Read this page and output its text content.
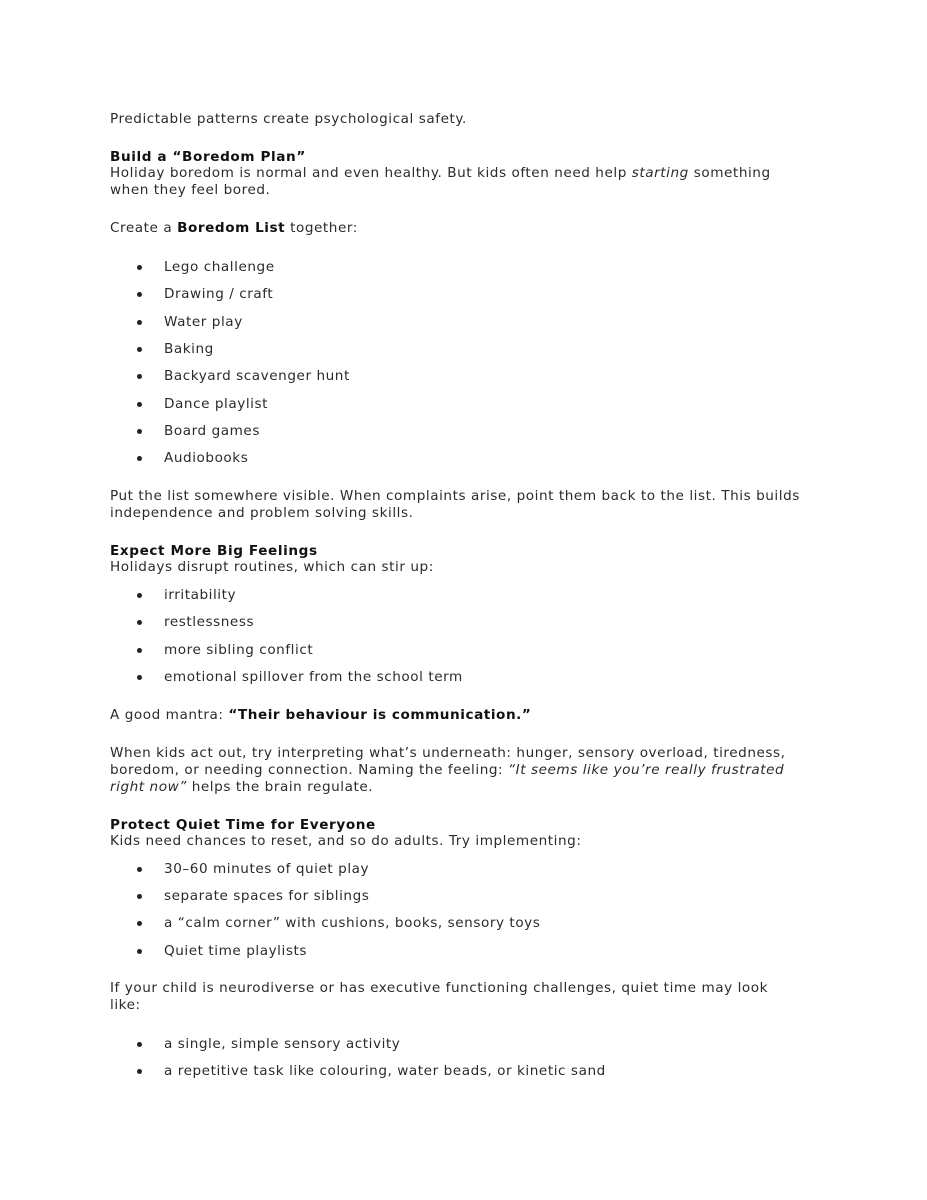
Predictable patterns create psychological safety.
Build a “Boredom Plan”
Holiday boredom is normal and even healthy. But kids often need help starting something
when they feel bored.
Create a Boredom List together:
Lego challenge
Drawing / craft
Water play
Baking
Backyard scavenger hunt
Dance playlist
Board games
Audiobooks
Put the list somewhere visible. When complaints arise, point them back to the list. This builds
independence and problem solving skills.
Expect More Big Feelings
Holidays disrupt routines, which can stir up:
irritability
restlessness
more sibling conflict
emotional spillover from the school term
A good mantra: “Their behaviour is communication.”
When kids act out, try interpreting what’s underneath: hunger, sensory overload, tiredness,
boredom, or needing connection. Naming the feeling: “It seems like you’re really frustrated
right now” helps the brain regulate.
Protect Quiet Time for Everyone
Kids need chances to reset, and so do adults. Try implementing:
30–60 minutes of quiet play
separate spaces for siblings
a “calm corner” with cushions, books, sensory toys
Quiet time playlists
If your child is neurodiverse or has executive functioning challenges, quiet time may look
like:
a single, simple sensory activity
a repetitive task like colouring, water beads, or kinetic sand
